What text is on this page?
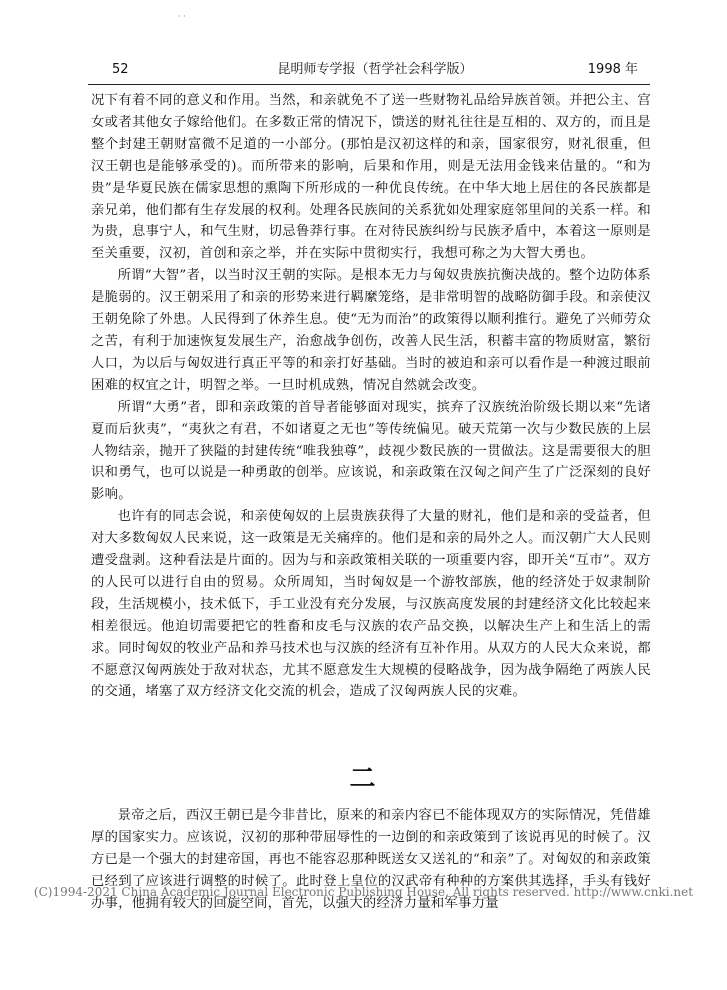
· ·
52	昆明师专学报（哲学社会科学版）	1998 年

况下有着不同的意义和作用。当然，和亲就免不了送一些财物礼品给异族首领。并把公主、宫女或者其他女子嫁给他们。在多数正常的情况下，馈送的财礼往往是互相的、双方的，而且是整个封建王朝财富微不足道的一小部分。(那怕是汉初这样的和亲，国家很穷，财礼很重，但汉王朝也是能够承受的)。而所带来的影响，后果和作用，则是无法用金钱来估量的。“和为贵”是华夏民族在儒家思想的熏陶下所形成的一种优良传统。在中华大地上居住的各民族都是亲兄弟，他们都有生存发展的权利。处理各民族间的关系犹如处理家庭邻里间的关系一样。和为贵，息事宁人，和气生财，切忌鲁莽行事。在对待民族纠纷与民族矛盾中，本着这一原则是至关重要，汉初，首创和亲之举，并在实际中贯彻实行，我想可称之为大智大勇也。

所谓“大智”者，以当时汉王朝的实际。是根本无力与匈奴贵族抗衡决战的。整个边防体系是脆弱的。汉王朝采用了和亲的形势来进行羁縻笼络，是非常明智的战略防御手段。和亲使汉王朝免除了外患。人民得到了休养生息。使“无为而治”的政策得以顺利推行。避免了兴师劳众之苦，有利于加速恢复发展生产，治愈战争创伤，改善人民生活，积蓄丰富的物质财富，繁衍人口，为以后与匈奴进行真正平等的和亲打好基础。当时的被迫和亲可以看作是一种渡过眼前困难的权宜之计，明智之举。一旦时机成熟，情况自然就会改变。

所谓“大勇”者，即和亲政策的首导者能够面对现实，摈弃了汉族统治阶级长期以来“先诸夏而后狄夷”，“夷狄之有君，不如诸夏之无也”等传统偏见。破天荒第一次与少数民族的上层人物结亲，抛开了狭隘的封建传统“唯我独尊”，歧视少数民族的一贯做法。这是需要很大的胆识和勇气，也可以说是一种勇敢的创举。应该说，和亲政策在汉匈之间产生了广泛深刻的良好影响。

也许有的同志会说，和亲使匈奴的上层贵族获得了大量的财礼，他们是和亲的受益者，但对大多数匈奴人民来说，这一政策是无关痛痒的。他们是和亲的局外之人。而汉朝广大人民则遭受盘剥。这种看法是片面的。因为与和亲政策相关联的一项重要内容，即开关“互市”。双方的人民可以进行自由的贸易。众所周知，当时匈奴是一个游牧部族，他的经济处于奴隶制阶段，生活规模小，技术低下，手工业没有充分发展，与汉族高度发展的封建经济文化比较起来相差很远。他迫切需要把它的牲畜和皮毛与汉族的农产品交换，以解决生产上和生活上的需求。同时匈奴的牧业产品和养马技术也与汉族的经济有互补作用。从双方的人民大众来说，都不愿意汉匈两族处于敌对状态，尤其不愿意发生大规模的侵略战争，因为战争隔绝了两族人民的交通，堵塞了双方经济文化交流的机会，造成了汉匈两族人民的灾难。

二

景帝之后，西汉王朝已是今非昔比，原来的和亲内容已不能体现双方的实际情况，凭借雄厚的国家实力。应该说，汉初的那种带屈辱性的一边倒的和亲政策到了该说再见的时候了。汉方已是一个强大的封建帝国，再也不能容忍那种既送女又送礼的“和亲”了。对匈奴的和亲政策已经到了应该进行调整的时候了。此时登上皇位的汉武帝有种种的方案供其选择，手头有钱好办事，他拥有较大的回旋空间，首先，以强大的经济力量和军事力量

(C)1994-2021 China Academic Journal Electronic Publishing House. All rights reserved. http://www.cnki.net
